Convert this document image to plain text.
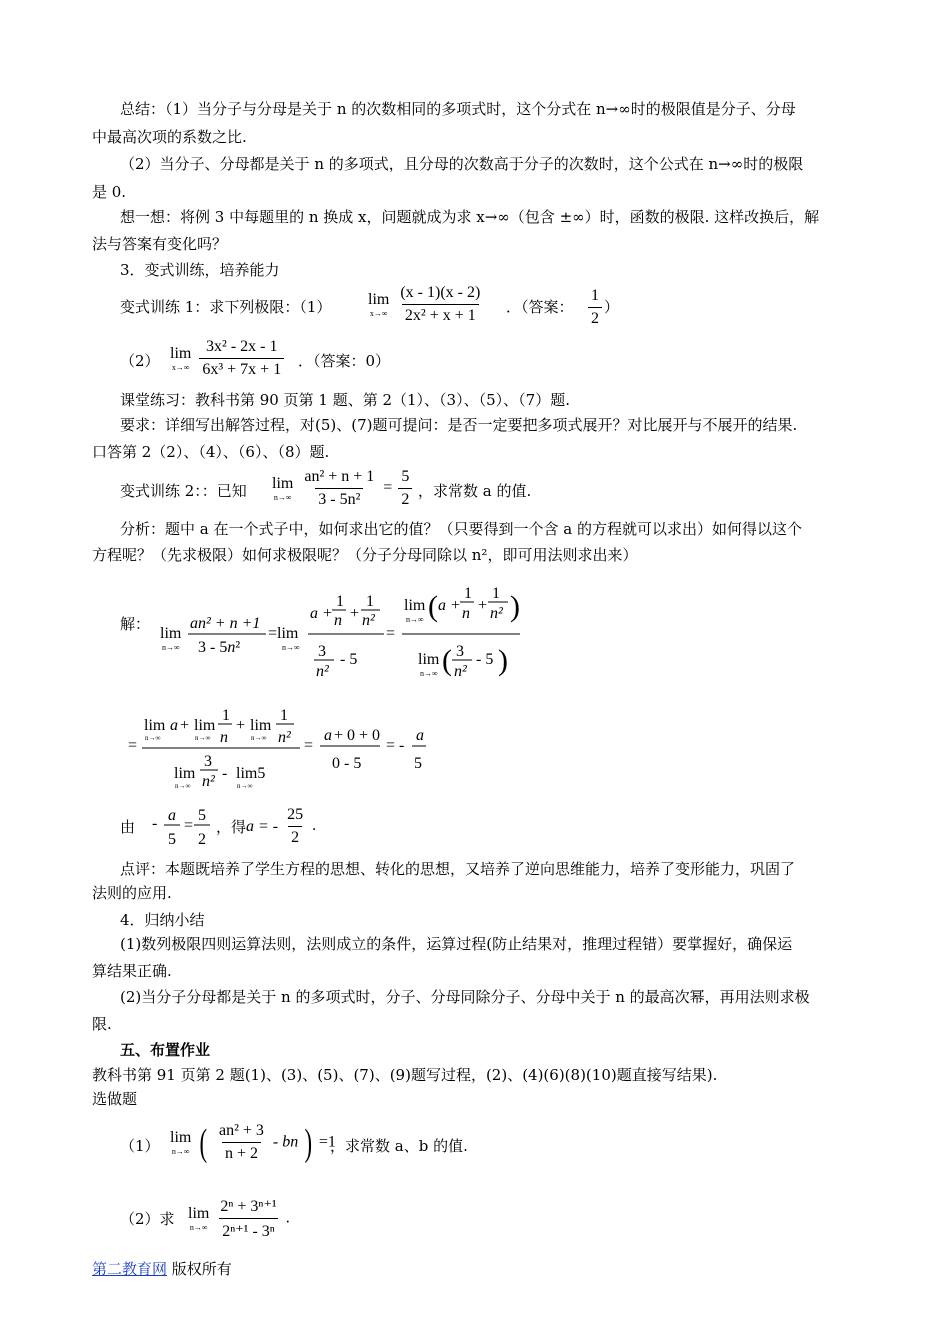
总结：（1）当分子与分母是关于 n 的次数相同的多项式时，这个分式在 n→∞时的极限值是分子、分母
中最高次项的系数之比.
（2）当分子、分母都是关于 n 的多项式，且分母的次数高于分子的次数时，这个公式在 n→∞时的极限
是 0.
想一想：将例 3 中每题里的 n 换成 x，问题就成为求 x→∞（包含 ±∞）时，函数的极限. 这样改换后，解
法与答案有变化吗？
3．变式训练，培养能力
变式训练 1：求下列极限：（1）	lim
x→∞
$\frac{(x - 1)(x - 2)}{\text{2x² + x + 1}}$ ．（答案： $\frac{1}{2}$ ）
（2） lim
x→∞
$\frac{\text{3x² - 2x - 1}}{\text{6x³ + 7x + 1}}$ ．（答案：0）
课堂练习：教科书第 90 页第 1 题、第 2（1）、（3）、（5）、（7）题.
要求：详细写出解答过程，对(5)、(7)题可提问：是否一定要把多项式展开？对比展开与不展开的结果.
口答第 2（2）、（4）、（6）、（8）题.
变式训练 2：：已知 lim
n→∞
$\frac{\text{an² + n + 1}}{\text{3 - 5n²}} = \frac{5}{2}$ ，求常数 a 的值.
分析：题中 a 在一个式子中，如何求出它的值？（只要得到一个含 a 的方程就可以求出）如何得以这个
方程呢？（先求极限）如何求极限呢？（分子分母同除以 n²，即可用法则求出来）
解：
lim
n→∞
an² + n +1
3 - 5n²
=lim
n→∞
a +
1
n +
1
n²
3
n²
- 5
=
lim
n→∞ ( a +
1
n +
1
n² )
lim
n→∞ ( 3
n²
- 5 )
=
lim
n→∞
a + lim
n→∞
1
n
+ lim
n→∞
1
n²
lim
n→∞
3
n² - lim5
n→∞
=
a + 0 + 0
0 - 5
= -
a
5
由 - a
5
=
5
2
，得 a = - $\frac{25}{2}$ .
点评：本题既培养了学生方程的思想、转化的思想，又培养了逆向思维能力，培养了变形能力，巩固了
法则的应用.
4．归纳小结
(1)数列极限四则运算法则，法则成立的条件，运算过程(防止结果对，推理过程错）要掌握好，确保运
算结果正确.
(2)当分子分母都是关于 n 的多项式时，分子、分母同除分子、分母中关于 n 的最高次幂，再用法则求极
限.
五、布置作业
教科书第 91 页第 2 题(1)、(3)、(5)、(7)、(9)题写过程，(2)、(4)(6)(8)(10)题直接写结果).
选做题
（1） lim
n→∞ ( $\frac{\text{an² + 3}}{n + 2}$ - bn ) =1
，求常数 a、b 的值.
（2）求 lim
n→∞
$\frac{\text{2ⁿ + 3ⁿ⁺¹}}{\text{2ⁿ⁺¹ - 3ⁿ}}$ .
第二教育网 版权所有
